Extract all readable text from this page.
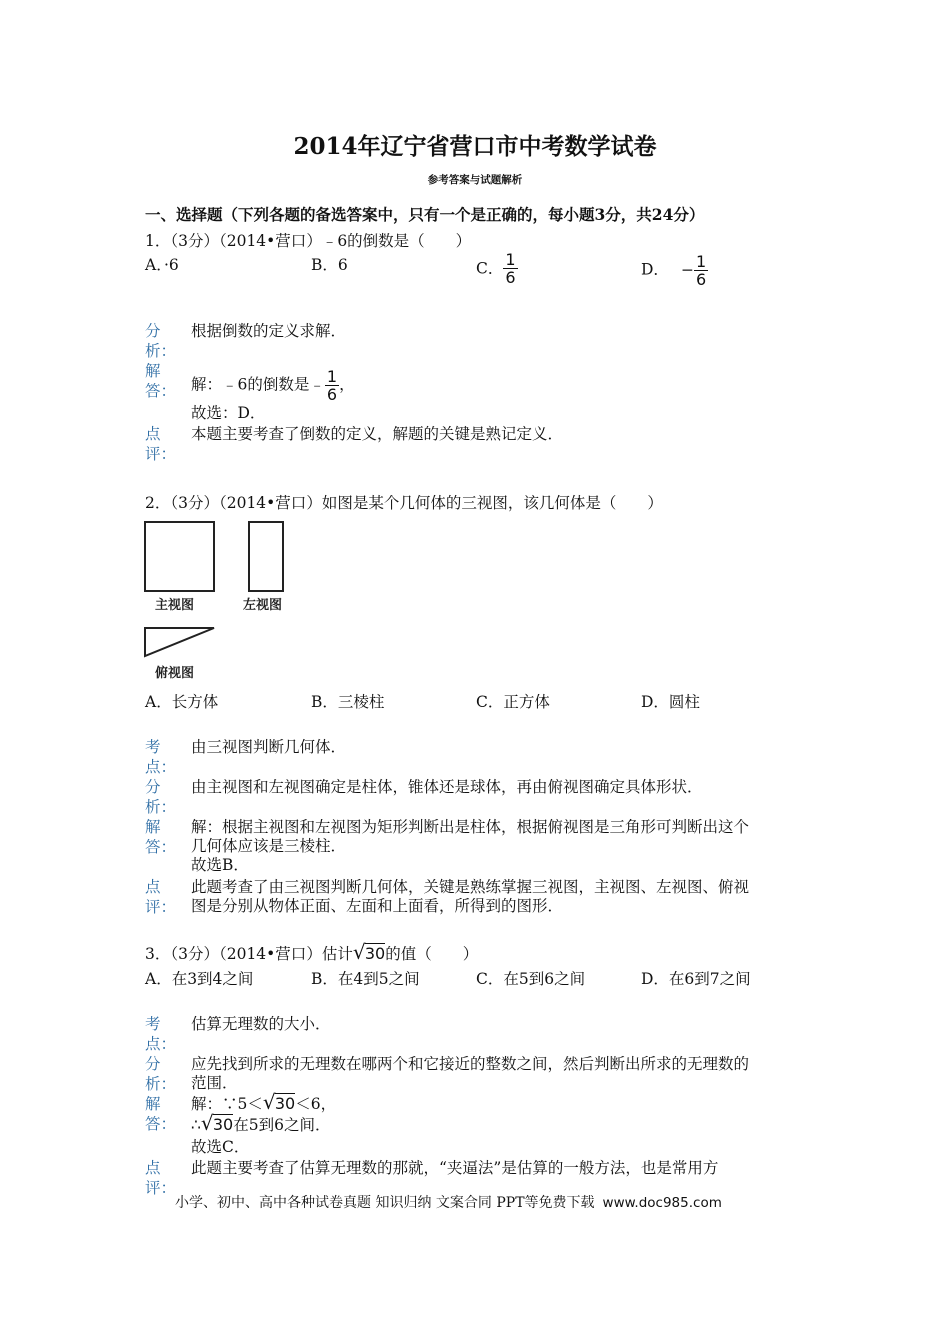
2014年辽宁省营口市中考数学试卷
参考答案与试题解析
一、选择题（下列各题的备选答案中，只有一个是正确的，每小题3分，共24分）
1．（3分）（2014•营口）﹣6的倒数是（　　）
A．·6	B．6	C． $\frac{1}{6}$	D． − $\frac{1}{6}$
分析：
根据倒数的定义求解．
解答： 解：﹣6的倒数是﹣ $\frac{1}{6}$ ，
故选：D．
点评：
本题主要考查了倒数的定义，解题的关键是熟记定义．
2．（3分）（2014•营口）如图是某个几何体的三视图，该几何体是（　　）
主视图	左视图
俯视图
A．长方体	B．三棱柱	C．正方体	D．圆柱
考点：
由三视图判断几何体．
分析：
由主视图和左视图确定是柱体，锥体还是球体，再由俯视图确定具体形状．
解答：
解：根据主视图和左视图为矩形判断出是柱体，根据俯视图是三角形可判断出这个
几何体应该是三棱柱．
故选B．
点评：
此题考查了由三视图判断几何体，关键是熟练掌握三视图，主视图、左视图、俯视
图是分别从物体正面、左面和上面看，所得到的图形．
3．（3分）（2014•营口）估计 √ 30的值（　　）
A．在3到4之间	B．在4到5之间	C．在5到6之间	D．在6到7之间
考点：
估算无理数的大小．
分析：
应先找到所求的无理数在哪两个和它接近的整数之间，然后判断出所求的无理数的
范围．
解答：
解：∵5＜ √ 30＜6，
∴ √ 30在5到6之间．
故选C．
点评：
此题主要考查了估算无理数的那就，“夹逼法”是估算的一般方法，也是常用方
小学、初中、高中各种试卷真题 知识归纳 文案合同 PPT等免费下载 www.doc985.com
